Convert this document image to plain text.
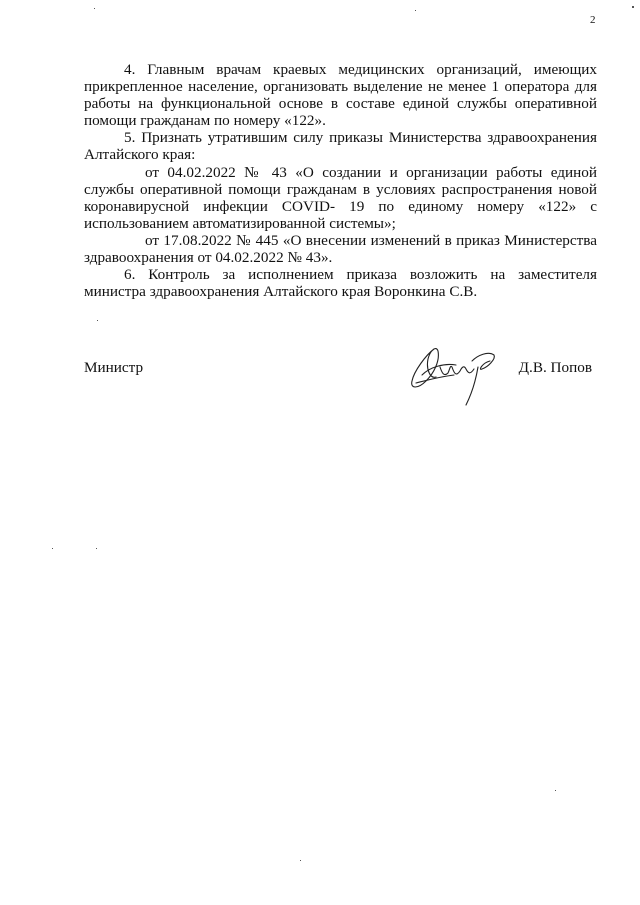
2

4. Главным врачам краевых медицинских организаций, имеющих прикрепленное население, организовать выделение не менее 1 оператора для работы на функциональной основе в составе единой службы оперативной помощи гражданам по номеру «122».

5. Признать утратившим силу приказы Министерства здравоохранения Алтайского края:

от 04.02.2022 № 43 «О создании и организации работы единой службы оперативной помощи гражданам в условиях распространения новой коронавирусной инфекции COVID- 19 по единому номеру «122» с использованием автоматизированной системы»;

от 17.08.2022 № 445 «О внесении изменений в приказ Министерства здравоохранения от 04.02.2022 № 43».

6. Контроль за исполнением приказа возложить на заместителя министра здравоохранения Алтайского края Воронкина С.В.

Министр	Д.В. Попов
